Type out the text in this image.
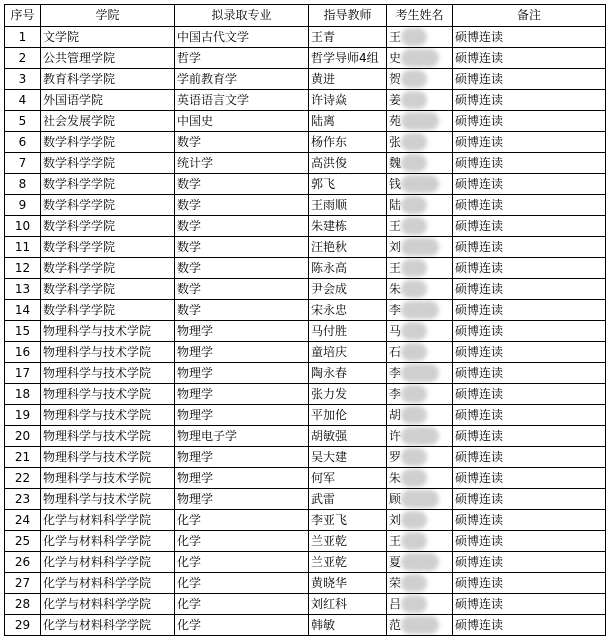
序号	学院	拟录取专业	指导教师	考生姓名	备注
1	文学院	中国古代文学	王青	王	硕博连读
2	公共管理学院	哲学	哲学导师4组	史	硕博连读
3	教育科学学院	学前教育学	黄进	贺	硕博连读
4	外国语学院	英语语言文学	许诗焱	姜	硕博连读
5	社会发展学院	中国史	陆离	苑	硕博连读
6	数学科学学院	数学	杨作东	张	硕博连读
7	数学科学学院	统计学	高洪俊	魏	硕博连读
8	数学科学学院	数学	郭飞	钱	硕博连读
9	数学科学学院	数学	王雨顺	陆	硕博连读
10	数学科学学院	数学	朱建栋	王	硕博连读
11	数学科学学院	数学	汪艳秋	刘	硕博连读
12	数学科学学院	数学	陈永高	王	硕博连读
13	数学科学学院	数学	尹会成	朱	硕博连读
14	数学科学学院	数学	宋永忠	李	硕博连读
15	物理科学与技术学院	物理学	马付胜	马	硕博连读
16	物理科学与技术学院	物理学	童培庆	石	硕博连读
17	物理科学与技术学院	物理学	陶永春	李	硕博连读
18	物理科学与技术学院	物理学	张力发	李	硕博连读
19	物理科学与技术学院	物理学	平加伦	胡	硕博连读
20	物理科学与技术学院	物理电子学	胡敏强	许	硕博连读
21	物理科学与技术学院	物理学	吴大建	罗	硕博连读
22	物理科学与技术学院	物理学	何军	朱	硕博连读
23	物理科学与技术学院	物理学	武雷	顾	硕博连读
24	化学与材料科学学院	化学	李亚飞	刘	硕博连读
25	化学与材料科学学院	化学	兰亚乾	王	硕博连读
26	化学与材料科学学院	化学	兰亚乾	夏	硕博连读
27	化学与材料科学学院	化学	黄晓华	荣	硕博连读
28	化学与材料科学学院	化学	刘红科	吕	硕博连读
29	化学与材料科学学院	化学	韩敏	范	硕博连读
